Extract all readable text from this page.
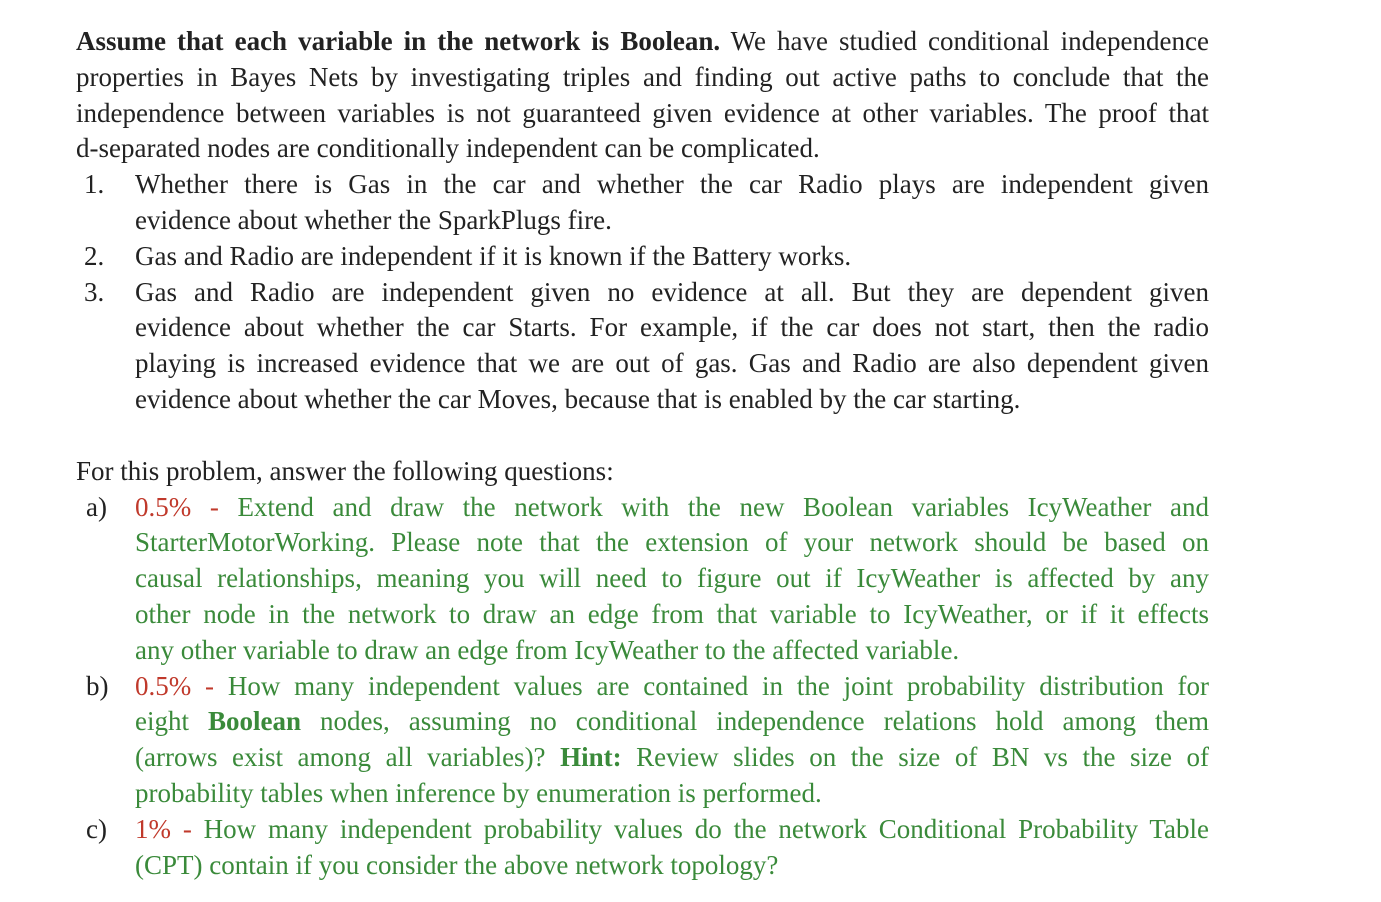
Assume that each variable in the network is Boolean. We have studied conditional independence
properties in Bayes Nets by investigating triples and finding out active paths to conclude that the
independence between variables is not guaranteed given evidence at other variables. The proof that
d-separated nodes are conditionally independent can be complicated.
1. Whether there is Gas in the car and whether the car Radio plays are independent given
evidence about whether the SparkPlugs fire.
2. Gas and Radio are independent if it is known if the Battery works.
3. Gas and Radio are independent given no evidence at all. But they are dependent given
evidence about whether the car Starts. For example, if the car does not start, then the radio
playing is increased evidence that we are out of gas. Gas and Radio are also dependent given
evidence about whether the car Moves, because that is enabled by the car starting.
For this problem, answer the following questions:
a) 0.5% - Extend and draw the network with the new Boolean variables IcyWeather and
StarterMotorWorking. Please note that the extension of your network should be based on
causal relationships, meaning you will need to figure out if IcyWeather is affected by any
other node in the network to draw an edge from that variable to IcyWeather, or if it effects
any other variable to draw an edge from IcyWeather to the affected variable.
b) 0.5% - How many independent values are contained in the joint probability distribution for
eight Boolean nodes, assuming no conditional independence relations hold among them
(arrows exist among all variables)? Hint: Review slides on the size of BN vs the size of
probability tables when inference by enumeration is performed.
c) 1% - How many independent probability values do the network Conditional Probability Table
(CPT) contain if you consider the above network topology?
